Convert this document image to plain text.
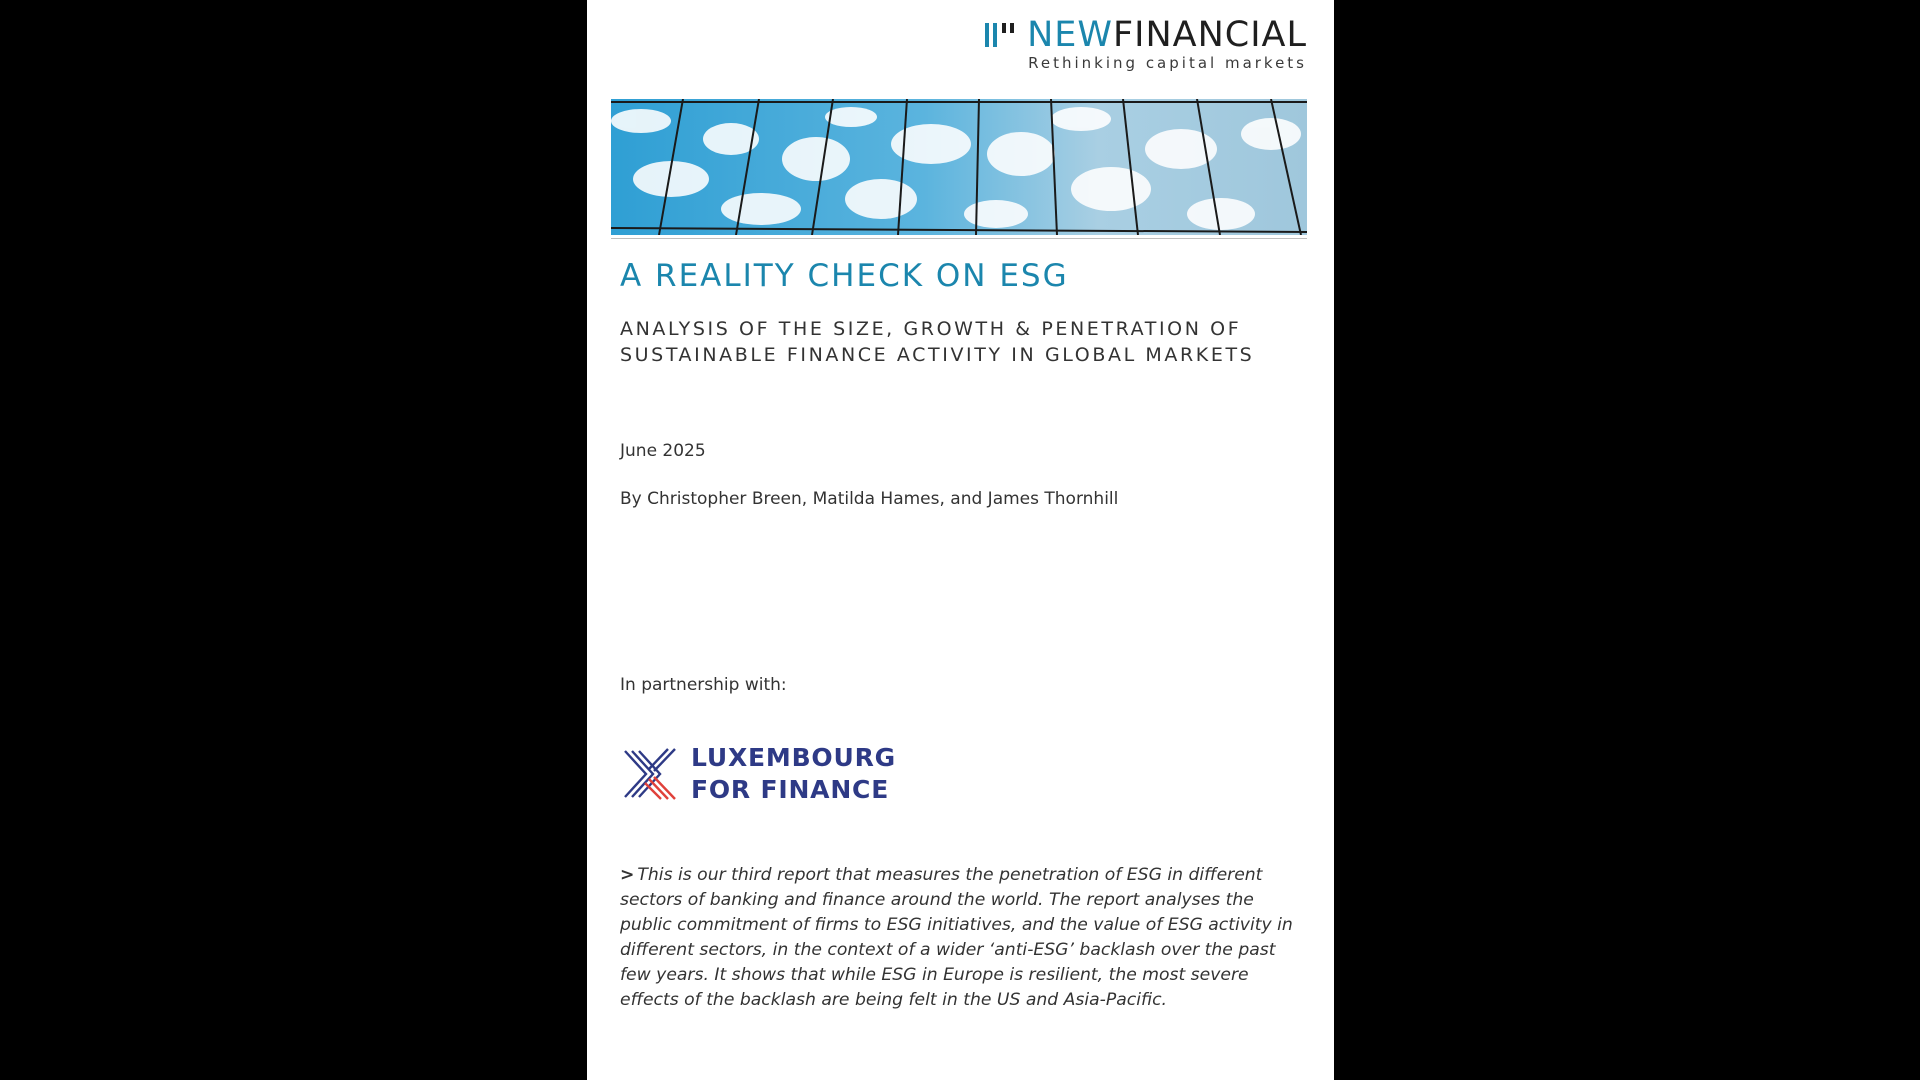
NEWFINANCIAL
Rethinking capital markets
A REALITY CHECK ON ESG
ANALYSIS OF THE SIZE, GROWTH & PENETRATION OF
SUSTAINABLE FINANCE ACTIVITY IN GLOBAL MARKETS
June 2025
By Christopher Breen, Matilda Hames, and James Thornhill
In partnership with:
LUXEMBOURG
FOR FINANCE
> This is our third report that measures the penetration of ESG in different sectors of banking and finance around the world. The report analyses the public commitment of firms to ESG initiatives, and the value of ESG activity in different sectors, in the context of a wider ‘anti-ESG’ backlash over the past few years. It shows that while ESG in Europe is resilient, the most severe effects of the backlash are being felt in the US and Asia-Pacific.
